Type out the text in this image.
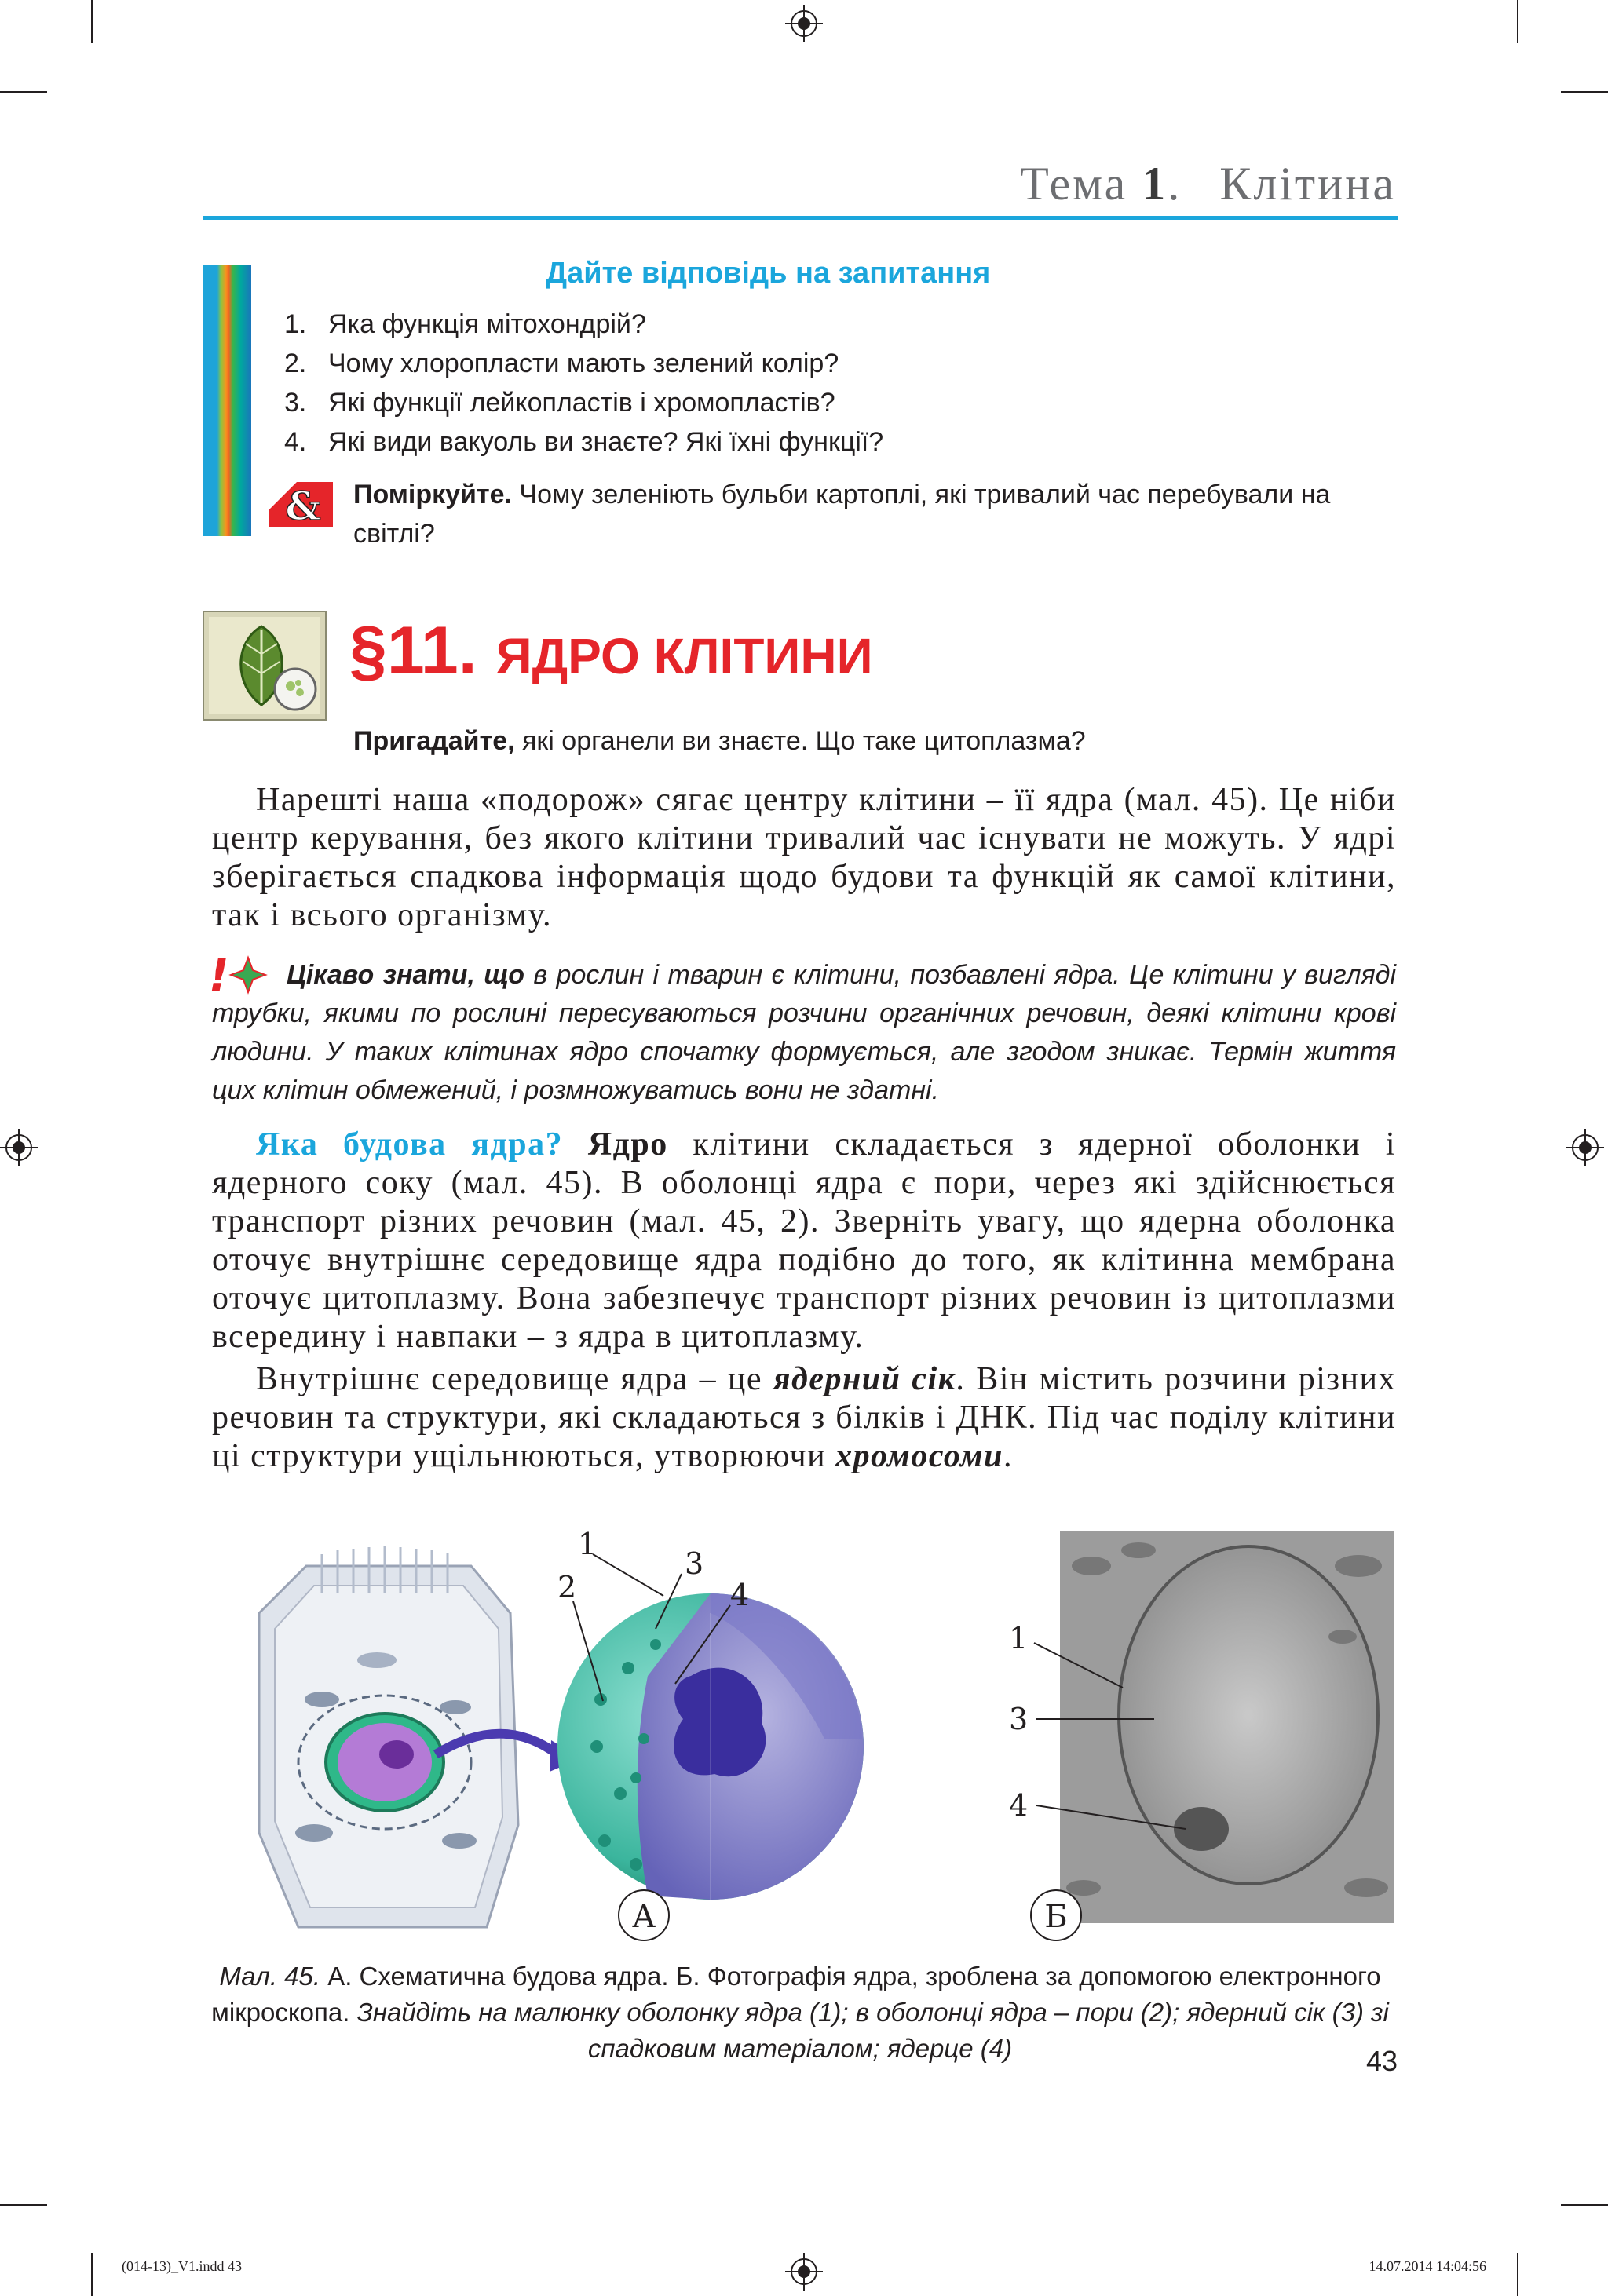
Тема 1. Клітина
Дайте відповідь на запитання
1. Яка функція мітохондрій?
2. Чому хлоропласти мають зелений колір?
3. Які функції лейкопластів і хромопластів?
4. Які види вакуоль ви знаєте? Які їхні функції?
& Поміркуйте. Чому зеленіють бульби картоплі, які тривалий час перебували на світлі?
§11. ЯДРО КЛІТИНИ
Пригадайте, які органели ви знаєте. Що таке цитоплазма?
Нарешті наша «подорож» сягає центру клітини – її ядра (мал. 45). Це ніби центр керування, без якого клітини тривалий час існувати не можуть. У ядрі зберігається спадкова інформація щодо будови та функцій як самої клітини, так і всього організму.
!	Цікаво знати, що в рослин і тварин є клітини, позбавлені ядра. Це клітини у вигляді трубки, якими по рослині пересуваються розчини органічних речовин, деякі клітини крові людини. У таких клітинах ядро спочатку формується, але згодом зникає. Термін життя цих клітин обмежений, і розмножуватись вони не здатні.
Яка будова ядра? Ядро клітини складається з ядерної оболонки і ядерного соку (мал. 45). В оболонці ядра є пори, через які здійснюється транспорт різних речовин (мал. 45, 2). Зверніть увагу, що ядерна оболонка оточує внутрішнє середовище ядра подібно до того, як клітинна мембрана оточує цитоплазму. Вона забезпечує транспорт різних речовин із цитоплазми всередину і навпаки – з ядра в цитоплазму.
Внутрішнє середовище ядра – це ядерний сік. Він містить розчини різних речовин та структури, які складаються з білків і ДНК. Під час поділу клітини ці структури ущільнюються, утворюючи хромосоми.
1
2
3
4
А
1
3
4
Б
Мал. 45. А. Схематична будова ядра. Б. Фотографія ядра, зроблена за допомогою електронного мікроскопа. Знайдіть на малюнку оболонку ядра (1); в оболонці ядра – пори (2); ядерний сік (3) зі спадковим матеріалом; ядерце (4)	43
(014-13)_V1.indd 43	14.07.2014 14:04:56
